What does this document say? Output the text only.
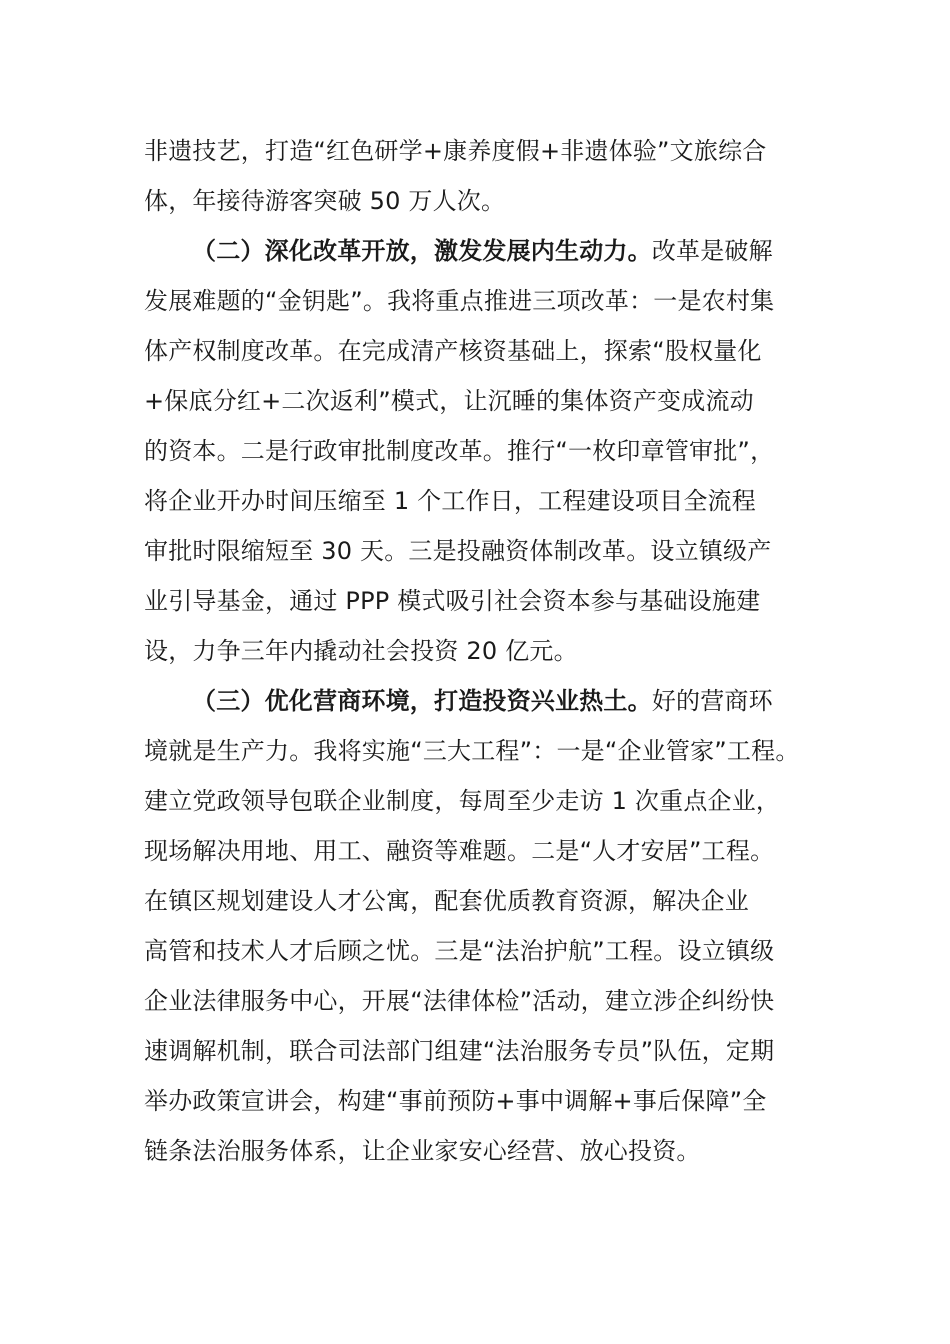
非遗技艺，打造“红色研学+康养度假+非遗体验”文旅综合
体，年接待游客突破 50 万人次。
（二）深化改革开放，激发发展内生动力。改革是破解
发展难题的“金钥匙”。我将重点推进三项改革：一是农村集
体产权制度改革。在完成清产核资基础上，探索“股权量化
+保底分红+二次返利”模式，让沉睡的集体资产变成流动
的资本。二是行政审批制度改革。推行“一枚印章管审批”，
将企业开办时间压缩至 1 个工作日，工程建设项目全流程
审批时限缩短至 30 天。三是投融资体制改革。设立镇级产
业引导基金，通过 PPP 模式吸引社会资本参与基础设施建
设，力争三年内撬动社会投资 20 亿元。
（三）优化营商环境，打造投资兴业热土。好的营商环
境就是生产力。我将实施“三大工程”：一是“企业管家”工程。
建立党政领导包联企业制度，每周至少走访 1 次重点企业，
现场解决用地、用工、融资等难题。二是“人才安居”工程。
在镇区规划建设人才公寓，配套优质教育资源，解决企业
高管和技术人才后顾之忧。三是“法治护航”工程。设立镇级
企业法律服务中心，开展“法律体检”活动，建立涉企纠纷快
速调解机制，联合司法部门组建“法治服务专员”队伍，定期
举办政策宣讲会，构建“事前预防+事中调解+事后保障”全
链条法治服务体系，让企业家安心经营、放心投资。
